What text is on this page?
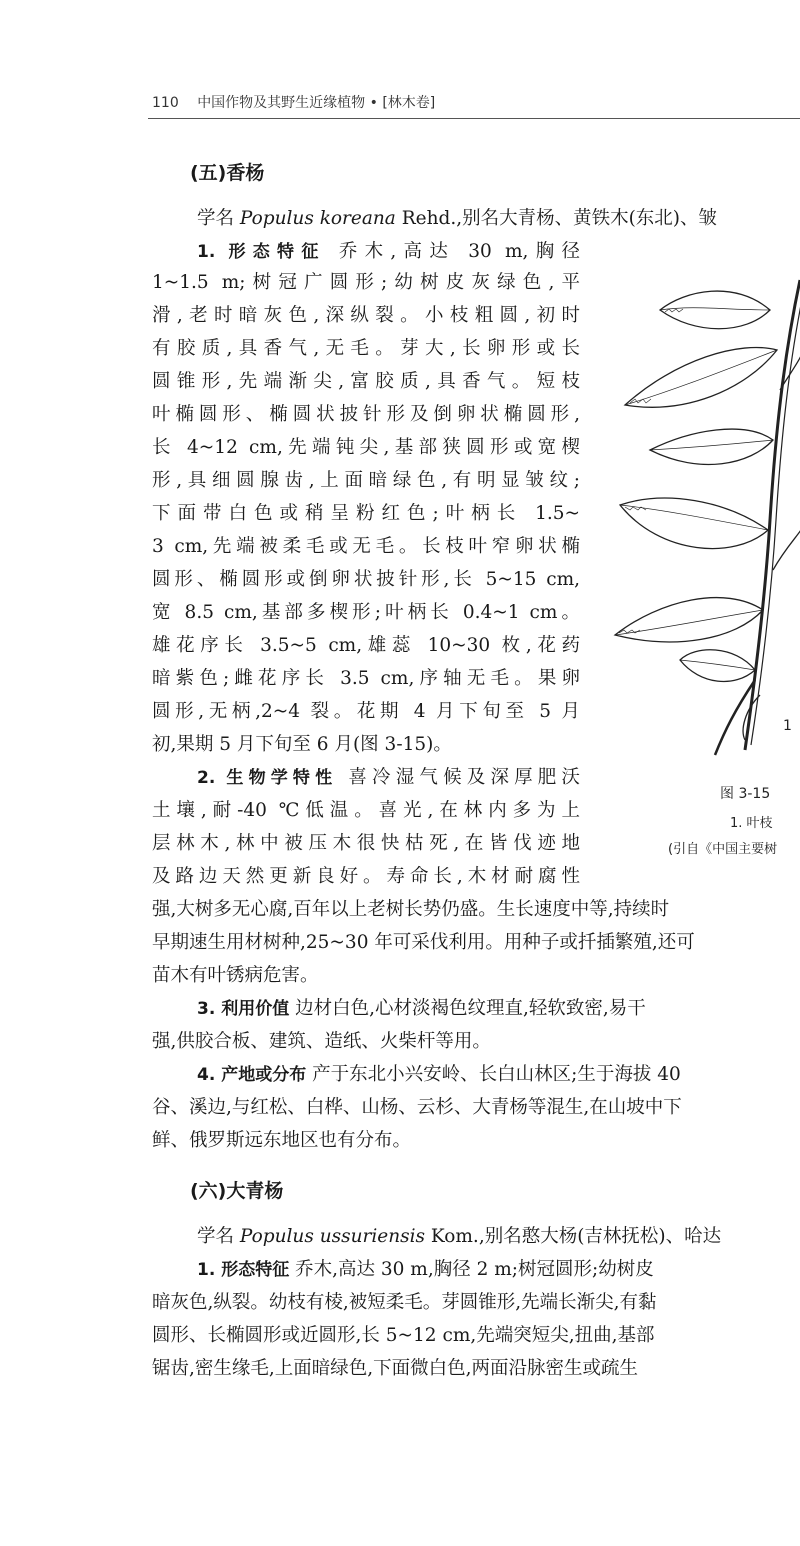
110 中国作物及其野生近缘植物 • [林木卷]
(五)香杨
学名 Populus koreana Rehd.,别名大青杨、黄铁木(东北)、皱
1. 形态特征 乔木,高达 30 m,胸径
1~1.5 m;树冠广圆形;幼树皮灰绿色,平
滑,老时暗灰色,深纵裂。小枝粗圆,初时
有胶质,具香气,无毛。芽大,长卵形或长
圆锥形,先端渐尖,富胶质,具香气。短枝
叶椭圆形、椭圆状披针形及倒卵状椭圆形,
长 4~12 cm,先端钝尖,基部狭圆形或宽楔
形,具细圆腺齿,上面暗绿色,有明显皱纹;
下面带白色或稍呈粉红色;叶柄长 1.5~
3 cm,先端被柔毛或无毛。长枝叶窄卵状椭
圆形、椭圆形或倒卵状披针形,长 5~15 cm,
宽 8.5 cm,基部多楔形;叶柄长 0.4~1 cm。
雄花序长 3.5~5 cm,雄蕊 10~30 枚,花药
暗紫色;雌花序长 3.5 cm,序轴无毛。果卵
圆形,无柄,2~4 裂。花期 4 月下旬至 5 月
初,果期 5 月下旬至 6 月(图 3-15)。
2. 生物学特性 喜冷湿气候及深厚肥沃
土壤,耐-40 ℃低温。喜光,在林内多为上
层林木,林中被压木很快枯死,在皆伐迹地
及路边天然更新良好。寿命长,木材耐腐性
强,大树多无心腐,百年以上老树长势仍盛。生长速度中等,持续时
早期速生用材树种,25~30 年可采伐利用。用种子或扦插繁殖,还可
苗木有叶锈病危害。
3. 利用价值 边材白色,心材淡褐色纹理直,轻软致密,易干
强,供胶合板、建筑、造纸、火柴杆等用。
4. 产地或分布 产于东北小兴安岭、长白山林区;生于海拔 40
谷、溪边,与红松、白桦、山杨、云杉、大青杨等混生,在山坡中下
鲜、俄罗斯远东地区也有分布。
1
图 3-15
1. 叶枝
(引自《中国主要树
(六)大青杨
学名 Populus ussuriensis Kom.,别名憨大杨(吉林抚松)、哈达
1. 形态特征 乔木,高达 30 m,胸径 2 m;树冠圆形;幼树皮
暗灰色,纵裂。幼枝有棱,被短柔毛。芽圆锥形,先端长渐尖,有黏
圆形、长椭圆形或近圆形,长 5~12 cm,先端突短尖,扭曲,基部
锯齿,密生缘毛,上面暗绿色,下面微白色,两面沿脉密生或疏生
